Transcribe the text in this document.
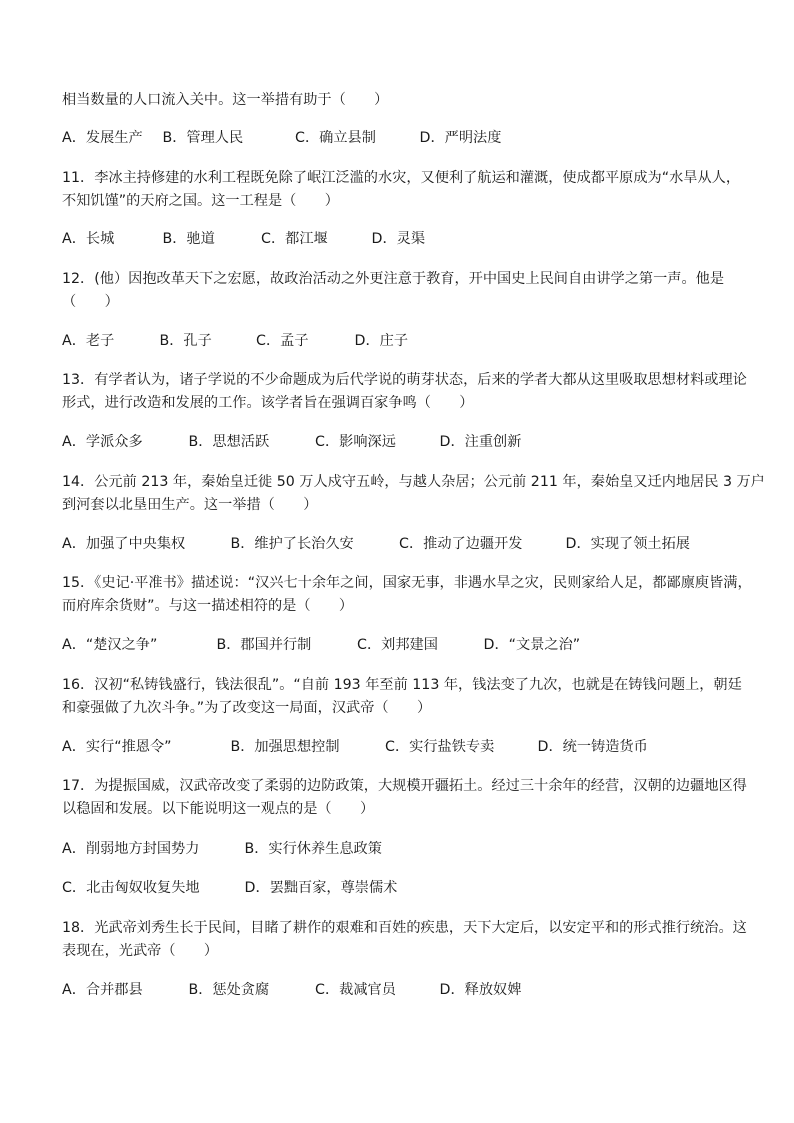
相当数量的人口流入关中。这一举措有助于（　　）
A．发展生产 B．管理人民	C．确立县制	D．严明法度
11．李冰主持修建的水利工程既免除了岷江泛滥的水灾，又便利了航运和灌溉，使成都平原成为“水旱从人，
不知饥馑”的天府之国。这一工程是（　　）
A．长城	B．驰道	C．都江堰	D．灵渠
12．(他）因抱改革天下之宏愿，故政治活动之外更注意于教育，开中国史上民间自由讲学之第一声。他是
（　　）
A．老子	B．孔子	C．孟子	D．庄子
13．有学者认为，诸子学说的不少命题成为后代学说的萌芽状态，后来的学者大都从这里吸取思想材料或理论
形式，进行改造和发展的工作。该学者旨在强调百家争鸣（　　）
A．学派众多	B．思想活跃	C．影响深远	D．注重创新
14．公元前 213 年，秦始皇迁徙 50 万人戍守五岭，与越人杂居；公元前 211 年，秦始皇又迁内地居民 3 万户
到河套以北垦田生产。这一举措（　　）
A．加强了中央集权	B．维护了长治久安	C．推动了边疆开发	D．实现了领土拓展
15．《史记·平准书》描述说：“汉兴七十余年之间，国家无事，非遇水旱之灾，民则家给人足，都鄙廪庾皆满，
而府库余货财”。与这一描述相符的是（　　）
A．“楚汉之争”	B．郡国并行制	C．刘邦建国	D．“文景之治”
16．汉初“私铸钱盛行，钱法很乱”。“自前 193 年至前 113 年，钱法变了九次，也就是在铸钱问题上，朝廷
和豪强做了九次斗争。”为了改变这一局面，汉武帝（　　）
A．实行“推恩令”	B．加强思想控制	C．实行盐铁专卖	D．统一铸造货币
17．为提振国威，汉武帝改变了柔弱的边防政策，大规模开疆拓土。经过三十余年的经营，汉朝的边疆地区得
以稳固和发展。以下能说明这一观点的是（　　）
A．削弱地方封国势力	B．实行休养生息政策
C．北击匈奴收复失地	D．罢黜百家，尊崇儒术
18．光武帝刘秀生长于民间，目睹了耕作的艰难和百姓的疾患，天下大定后，以安定平和的形式推行统治。这
表现在，光武帝（　　）
A．合并郡县	B．惩处贪腐	C．裁减官员	D．释放奴婢
